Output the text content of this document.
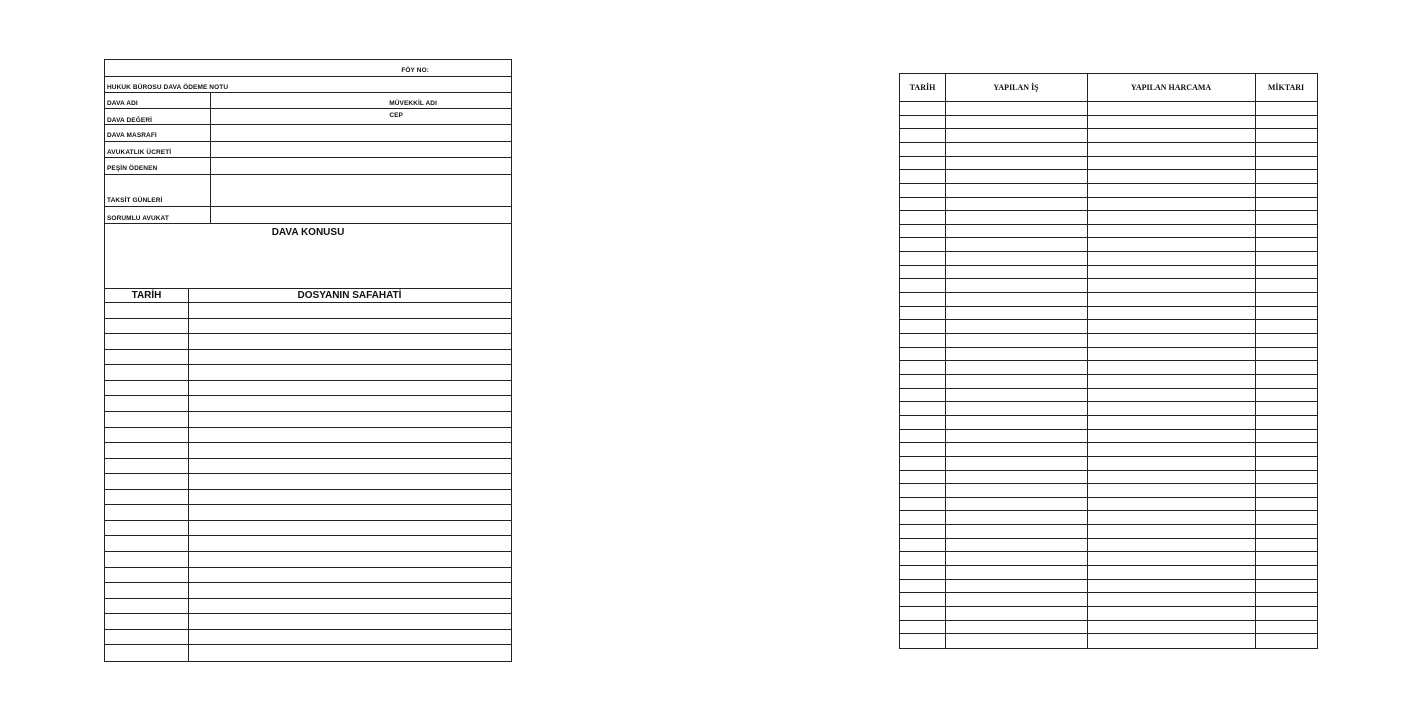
FÖY NO:
HUKUK BÜROSU DAVA ÖDEME NOTU
DAVA ADI	MÜVEKKİL ADI
DAVA DEĞERİ
CEP
DAVA MASRAFI
AVUKATLIK ÜCRETİ
PEŞİN ÖDENEN
TAKSİT GÜNLERİ
SORUMLU AVUKAT
DAVA KONUSU
TARİH	DOSYANIN SAFAHATİ
TARİH	YAPILAN İŞ	YAPILAN HARCAMA	MİKTARI
